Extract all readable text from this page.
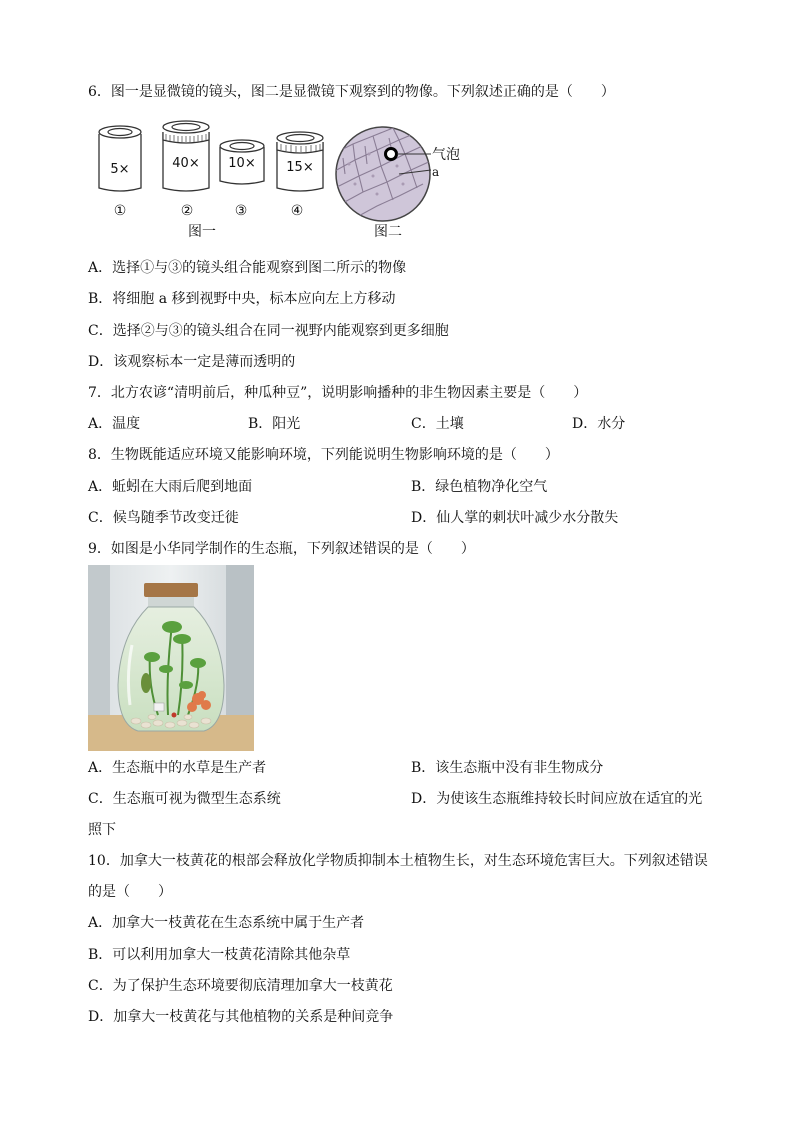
6．图一是显微镜的镜头，图二是显微镜下观察到的物像。下列叙述正确的是（　　）
5×
①
40×
②
10×
③
15×
④
图一
气泡
a
图二
A．选择①与③的镜头组合能观察到图二所示的物像
B．将细胞 a 移到视野中央，标本应向左上方移动
C．选择②与③的镜头组合在同一视野内能观察到更多细胞
D．该观察标本一定是薄而透明的
7．北方农谚“清明前后，种瓜种豆”，说明影响播种的非生物因素主要是（　　）
A．温度	B．阳光	C．土壤	D．水分
8．生物既能适应环境又能影响环境，下列能说明生物影响环境的是（　　）
A．蚯蚓在大雨后爬到地面	B．绿色植物净化空气
C．候鸟随季节改变迁徙	D．仙人掌的刺状叶减少水分散失
9．如图是小华同学制作的生态瓶，下列叙述错误的是（　　）
A．生态瓶中的水草是生产者	B．该生态瓶中没有非生物成分
C．生态瓶可视为微型生态系统	D．为使该生态瓶维持较长时间应放在适宜的光
照下
10．加拿大一枝黄花的根部会释放化学物质抑制本土植物生长，对生态环境危害巨大。下列叙述错误
的是（　　）
A．加拿大一枝黄花在生态系统中属于生产者
B．可以利用加拿大一枝黄花清除其他杂草
C．为了保护生态环境要彻底清理加拿大一枝黄花
D．加拿大一枝黄花与其他植物的关系是种间竞争
